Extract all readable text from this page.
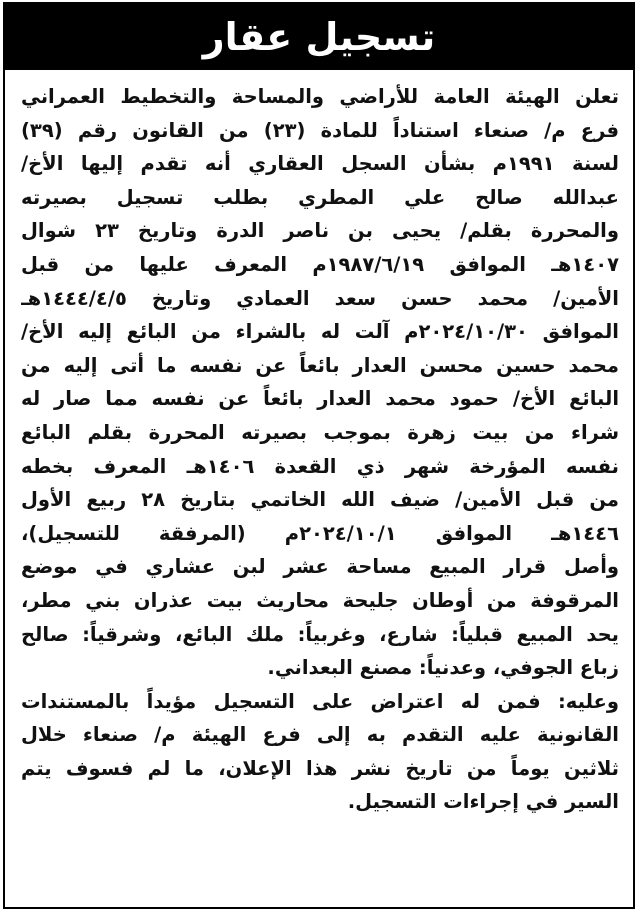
تسجيل عقار
تعلن الهيئة العامة للأراضي والمساحة والتخطيط العمراني
فرع م/ صنعاء استناداً للمادة (٢٣) من القانون رقم (٣٩)
لسنة ١٩٩١م بشأن السجل العقاري أنه تقدم إليها الأخ/
عبدالله صالح علي المطري بطلب تسجيل بصيرته
والمحررة بقلم/ يحيى بن ناصر الدرة وتاريخ ٢٣ شوال
١٤٠٧هـ الموافق ١٩٨٧/٦/١٩م المعرف عليها من قبل
الأمين/ محمد حسن سعد العمادي وتاريخ ١٤٤٤/٤/٥هـ
الموافق ٢٠٢٤/١٠/٣٠م آلت له بالشراء من البائع إليه الأخ/
محمد حسين محسن العدار بائعاً عن نفسه ما أتى إليه من
البائع الأخ/ حمود محمد العدار بائعاً عن نفسه مما صار له
شراء من بيت زهرة بموجب بصيرته المحررة بقلم البائع
نفسه المؤرخة شهر ذي القعدة ١٤٠٦هـ المعرف بخطه
من قبل الأمين/ ضيف الله الخاتمي بتاريخ ٢٨ ربيع الأول
١٤٤٦هـ الموافق ٢٠٢٤/١٠/١م (المرفقة للتسجيل)،
وأصل قرار المبيع مساحة عشر لبن عشاري في موضع
المرقوفة من أوطان جليحة محاريث بيت عذران بني مطر،
يحد المبيع قبلياً: شارع، وغربياً: ملك البائع، وشرقياً: صالح
زباع الجوفي، وعدنياً: مصنع البعداني.
وعليه: فمن له اعتراض على التسجيل مؤيداً بالمستندات
القانونية عليه التقدم به إلى فرع الهيئة م/ صنعاء خلال
ثلاثين يوماً من تاريخ نشر هذا الإعلان، ما لم فسوف يتم
السير في إجراءات التسجيل.
